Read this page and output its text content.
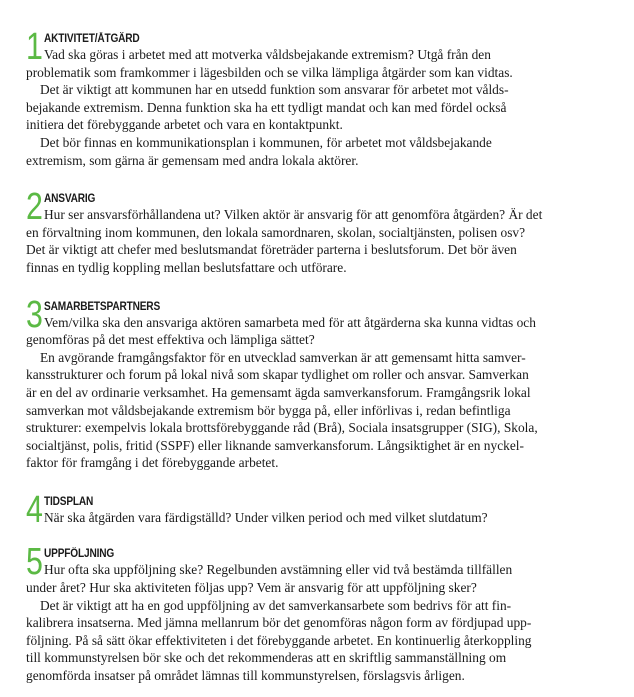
1 AKTIVITET/ÅTGÄRD

Vad ska göras i arbetet med att motverka våldsbejakande extremism? Utgå från den

problematik som framkommer i lägesbilden och se vilka lämpliga åtgärder som kan vidtas.

Det är viktigt att kommunen har en utsedd funktion som ansvarar för arbetet mot vålds-

bejakande extremism. Denna funktion ska ha ett tydligt mandat och kan med fördel också

initiera det förebyggande arbetet och vara en kontaktpunkt.

Det bör finnas en kommunikationsplan i kommunen, för arbetet mot våldsbejakande

extremism, som gärna är gemensam med andra lokala aktörer.

2 ANSVARIG

Hur ser ansvarsförhållandena ut? Vilken aktör är ansvarig för att genomföra åtgärden? Är det

en förvaltning inom kommunen, den lokala samordnaren, skolan, socialtjänsten, polisen osv?

Det är viktigt att chefer med beslutsmandat företräder parterna i beslutsforum. Det bör även

finnas en tydlig koppling mellan beslutsfattare och utförare.

3 SAMARBETSPARTNERS

Vem/vilka ska den ansvariga aktören samarbeta med för att åtgärderna ska kunna vidtas och

genomföras på det mest effektiva och lämpliga sättet?

En avgörande framgångsfaktor för en utvecklad samverkan är att gemensamt hitta samver-

kansstrukturer och forum på lokal nivå som skapar tydlighet om roller och ansvar. Samverkan

är en del av ordinarie verksamhet. Ha gemensamt ägda samverkansforum. Framgångsrik lokal

samverkan mot våldsbejakande extremism bör bygga på, eller införlivas i, redan befintliga

strukturer: exempelvis lokala brottsförebyggande råd (Brå), Sociala insatsgrupper (SIG), Skola,

socialtjänst, polis, fritid (SSPF) eller liknande samverkansforum. Långsiktighet är en nyckel-

faktor för framgång i det förebyggande arbetet.

4 TIDSPLAN

När ska åtgärden vara färdigställd? Under vilken period och med vilket slutdatum?

5 UPPFÖLJNING

Hur ofta ska uppföljning ske? Regelbunden avstämning eller vid två bestämda tillfällen

under året? Hur ska aktiviteten följas upp? Vem är ansvarig för att uppföljning sker?

Det är viktigt att ha en god uppföljning av det samverkansarbete som bedrivs för att fin-

kalibrera insatserna. Med jämna mellanrum bör det genomföras någon form av fördjupad upp-

följning. På så sätt ökar effektiviteten i det förebyggande arbetet. En kontinuerlig återkoppling

till kommunstyrelsen bör ske och det rekommenderas att en skriftlig sammanställning om

genomförda insatser på området lämnas till kommunstyrelsen, förslagsvis årligen.
